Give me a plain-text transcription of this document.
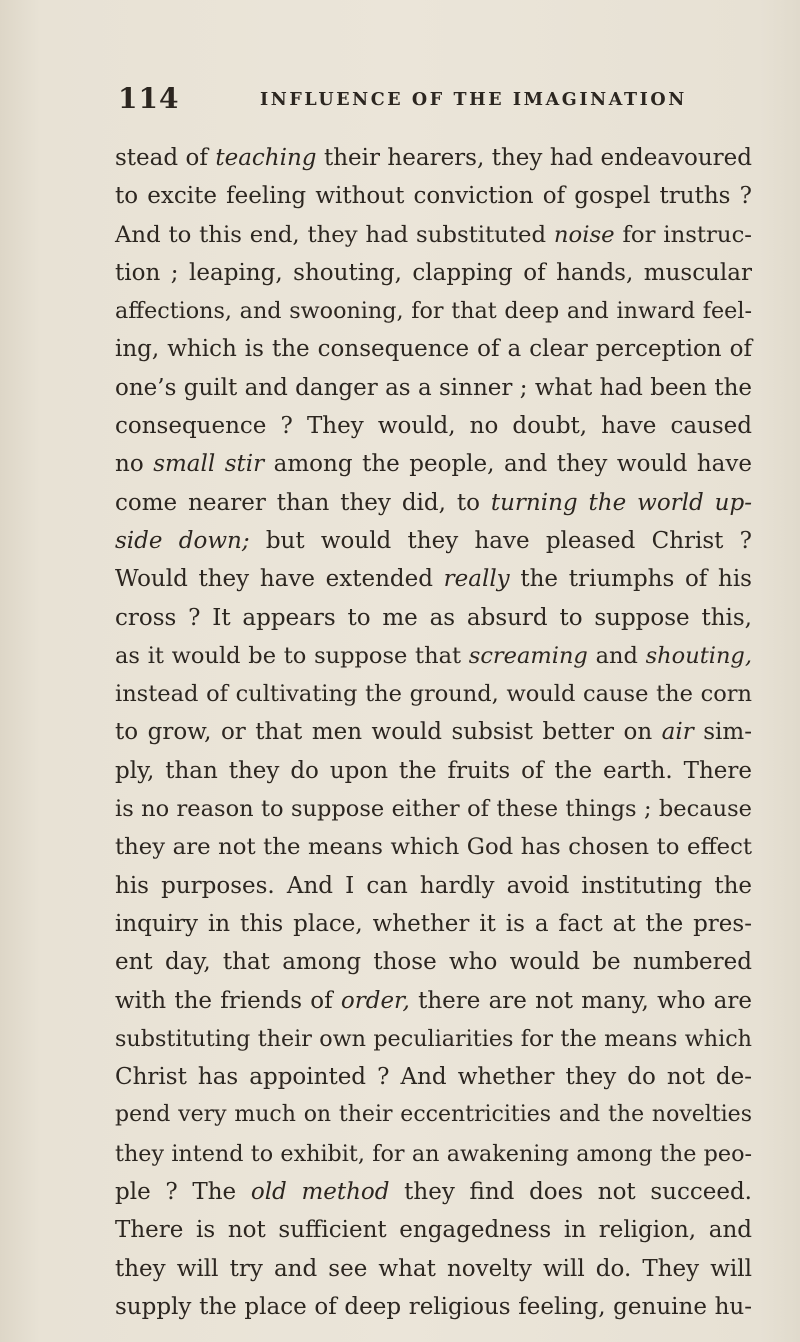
114	INFLUENCE OF THE IMAGINATION
stead of teaching their hearers, they had endeavoured
to excite feeling without conviction of gospel truths ?
And to this end, they had substituted noise for instruc-
tion ; leaping, shouting, clapping of hands, muscular
affections, and swooning, for that deep and inward feel-
ing, which is the consequence of a clear perception of
one’s guilt and danger as a sinner ; what had been the
consequence ? They would, no doubt, have caused
no small stir among the people, and they would have
come nearer than they did, to turning the world up-
side down; but would they have pleased Christ ?
Would they have extended really the triumphs of his
cross ? It appears to me as absurd to suppose this,
as it would be to suppose that screaming and shouting,
instead of cultivating the ground, would cause the corn
to grow, or that men would subsist better on air sim-
ply, than they do upon the fruits of the earth. There
is no reason to suppose either of these things ; because
they are not the means which God has chosen to effect
his purposes. And I can hardly avoid instituting the
inquiry in this place, whether it is a fact at the pres-
ent day, that among those who would be numbered
with the friends of order, there are not many, who are
substituting their own peculiarities for the means which
Christ has appointed ? And whether they do not de-
pend very much on their eccentricities and the novelties
they intend to exhibit, for an awakening among the peo-
ple ? The old method they find does not succeed.
There is not sufficient engagedness in religion, and
they will try and see what novelty will do. They will
supply the place of deep religious feeling, genuine hu-
